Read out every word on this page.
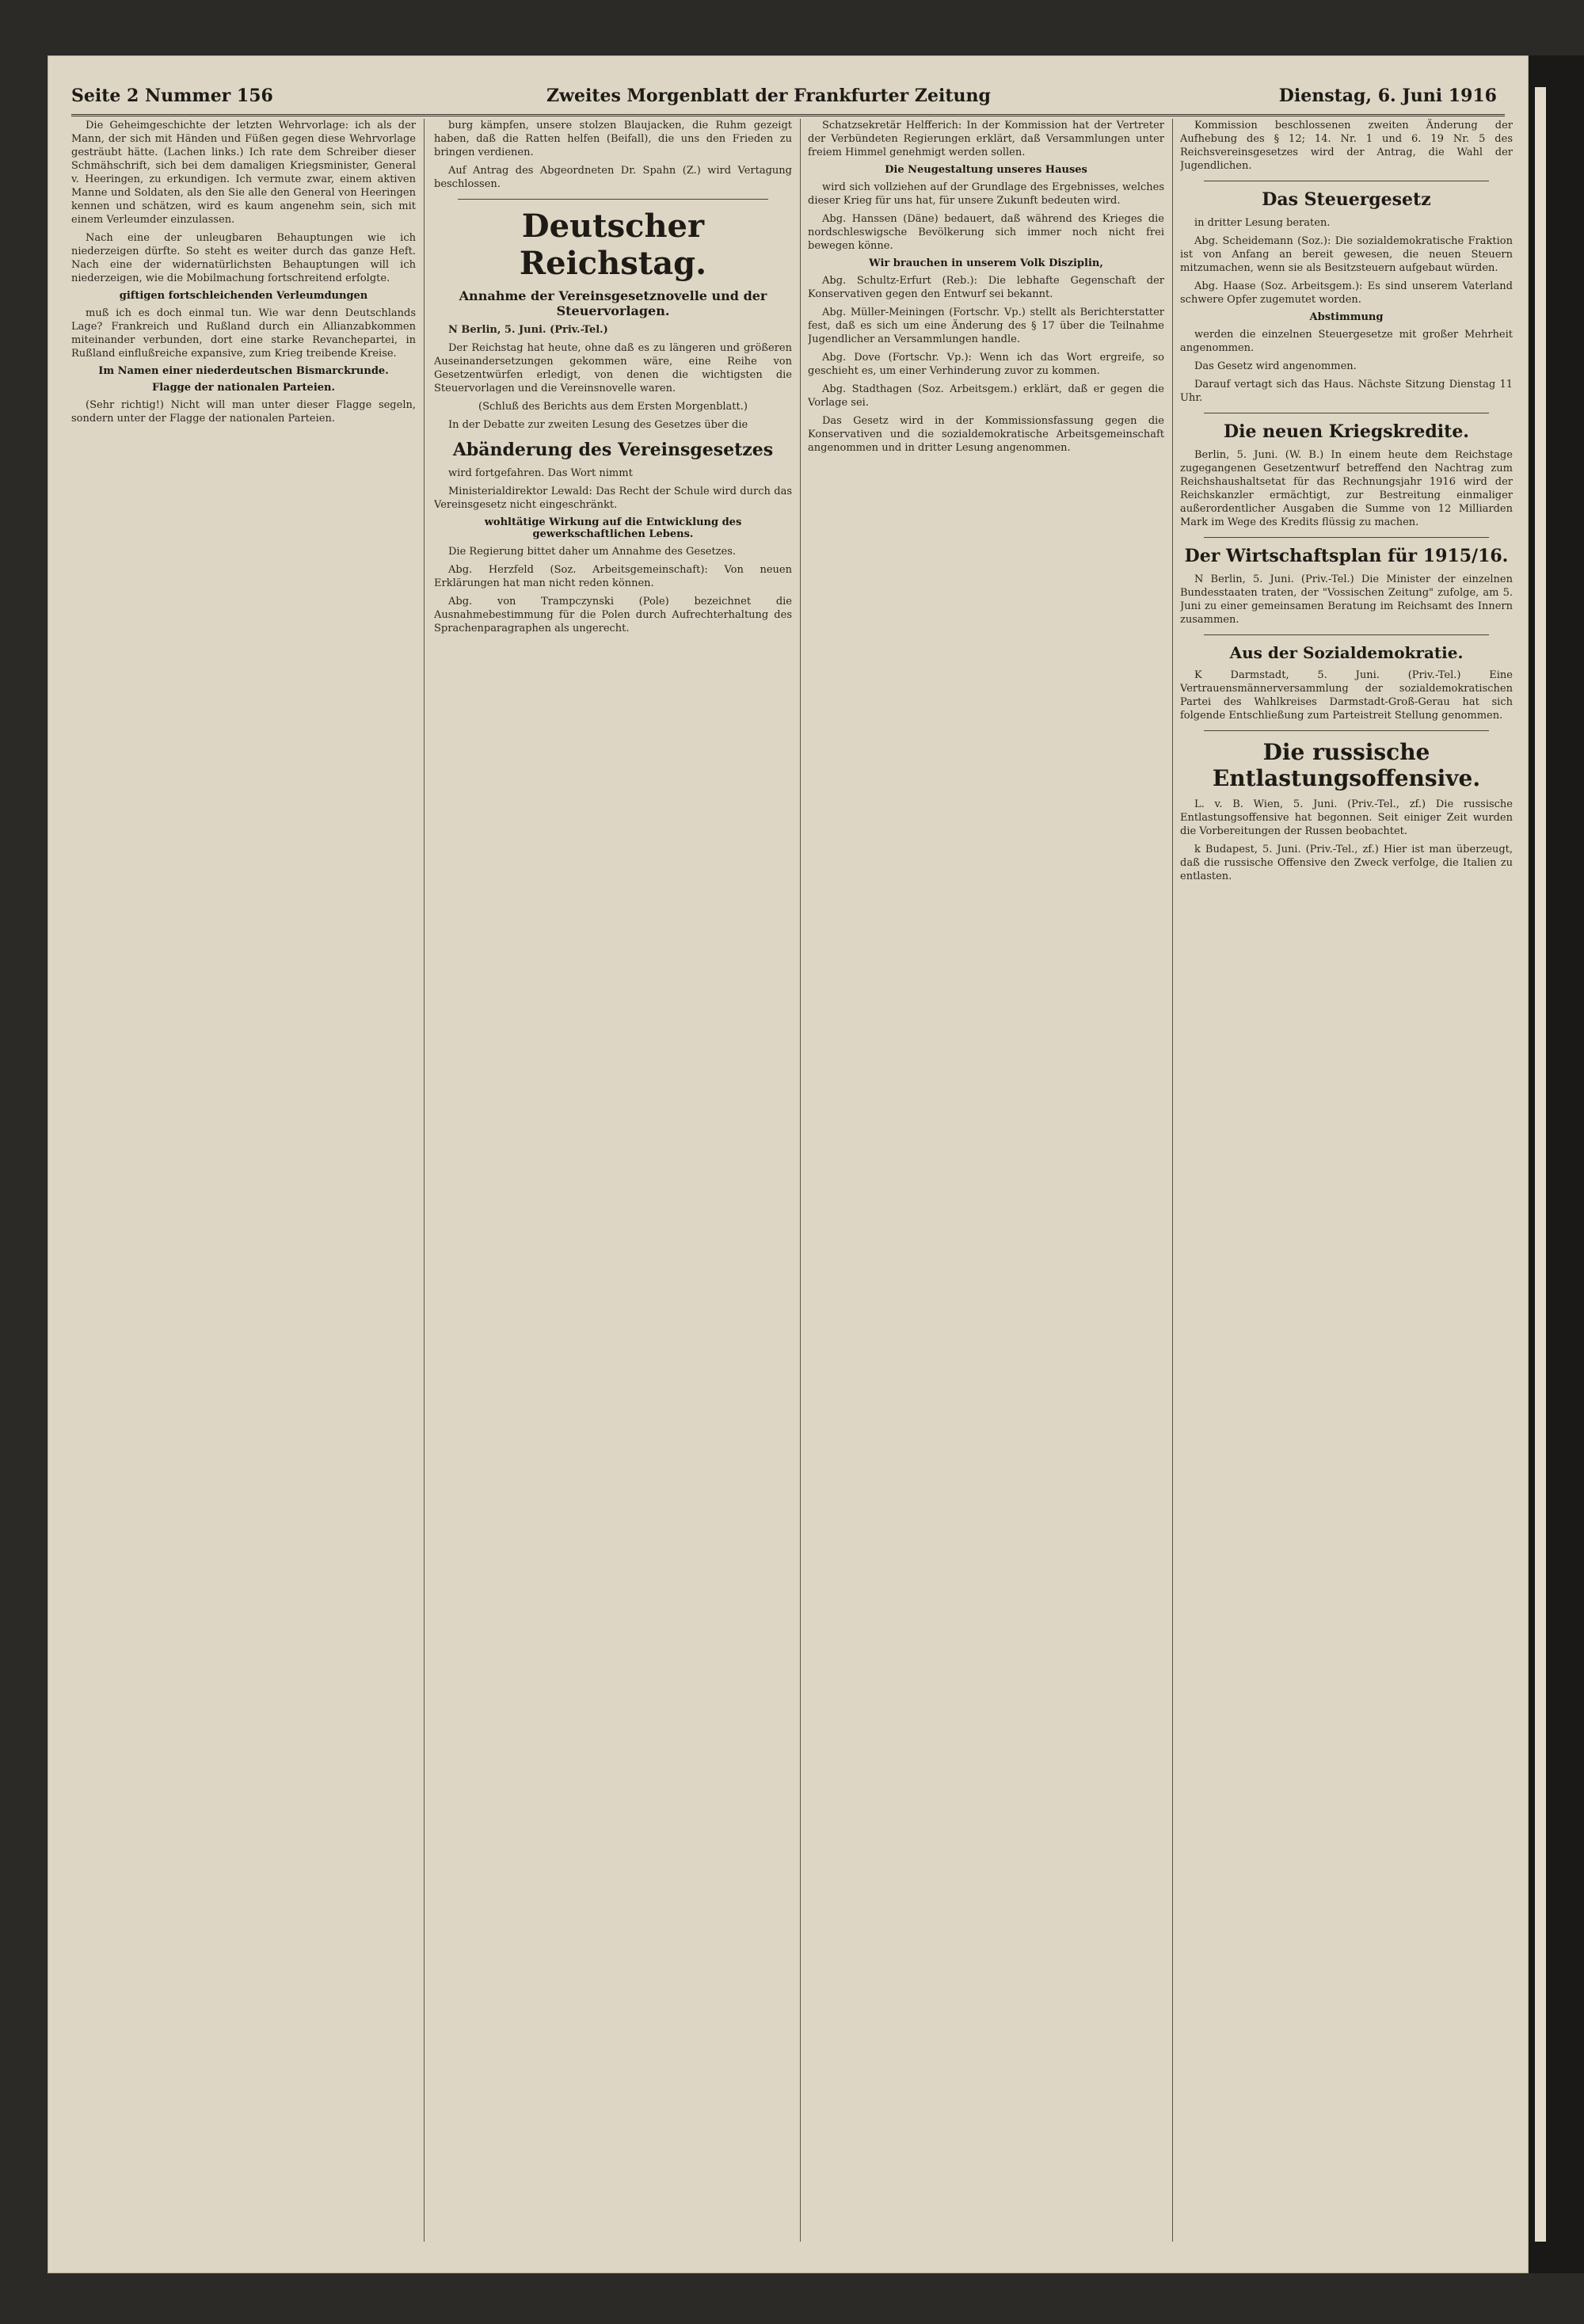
Seite 2 Nummer 156	Zweites Morgenblatt der Frankfurter Zeitung	Dienstag, 6. Juni 1916

Die Geheimgeschichte der letzten Wehrvorlage: ich als der Mann, der sich mit Händen und Füßen gegen diese Wehrvorlage gesträubt hätte. (Lachen links.) Ich rate dem Schreiber dieser Schmähschrift, sich bei dem damaligen Kriegsminister, General v. Heeringen, zu erkundigen. Ich vermute zwar, einem aktiven Manne und Soldaten, als den Sie alle den General von Heeringen kennen und schätzen, wird es kaum angenehm sein, sich mit einem Verleumder einzulassen.

Nach eine der unleugbaren Behauptungen wie ich niederzeigen dürfte. So steht es weiter durch das ganze Heft. Nach eine der widernatürlichsten Behauptungen will ich niederzeigen, wie die Mobilmachung fortschreitend erfolgte.

giftigen fortschleichenden Verleumdungen

muß ich es doch einmal tun. Wie war denn Deutschlands Lage? Frankreich und Rußland durch ein Allianzabkommen miteinander verbunden, dort eine starke Revanchepartei, in Rußland einflußreiche expansive, zum Krieg treibende Kreise.

Im Namen einer niederdeutschen Bismarckrunde.
Flagge der nationalen Parteien.

(Sehr richtig!) Nicht will man unter dieser Flagge segeln, sondern unter der Flagge der nationalen Parteien.

burg kämpfen, unsere stolzen Blaujacken, die Ruhm gezeigt haben, daß die Ratten helfen (Beifall), die uns den Frieden zu bringen verdienen.

Auf Antrag des Abgeordneten Dr. Spahn (Z.) wird Vertagung beschlossen.

Deutscher Reichstag.
Annahme der Vereinsgesetznovelle und der Steuervorlagen.

N Berlin, 5. Juni. (Priv.-Tel.)

Der Reichstag hat heute, ohne daß es zu längeren und größeren Auseinandersetzungen gekommen wäre, eine Reihe von Gesetzentwürfen erledigt, von denen die wichtigsten die Steuervorlagen und die Vereinsnovelle waren.

(Schluß des Berichts aus dem Ersten Morgenblatt.)

In der Debatte zur zweiten Lesung des Gesetzes über die

Abänderung des Vereinsgesetzes

wird fortgefahren. Das Wort nimmt

Ministerialdirektor Lewald: Das Recht der Schule wird durch das Vereinsgesetz nicht eingeschränkt.

wohltätige Wirkung auf die Entwicklung des gewerkschaftlichen Lebens.

Die Regierung bittet daher um Annahme des Gesetzes.

Abg. Herzfeld (Soz. Arbeitsgemeinschaft): Von neuen Erklärungen hat man nicht reden können.

Abg. von Trampczynski (Pole) bezeichnet die Ausnahmebestimmung für die Polen durch Aufrechterhaltung des Sprachenparagraphen als ungerecht.

Schatzsekretär Helfferich: In der Kommission hat der Vertreter der Verbündeten Regierungen erklärt, daß Versammlungen unter freiem Himmel genehmigt werden sollen.

Die Neugestaltung unseres Hauses

wird sich vollziehen auf der Grundlage des Ergebnisses, welches dieser Krieg für uns hat, für unsere Zukunft bedeuten wird.

Abg. Hanssen (Däne) bedauert, daß während des Krieges die nordschleswigsche Bevölkerung sich immer noch nicht frei bewegen könne.

Wir brauchen in unserem Volk Disziplin,

Abg. Schultz-Erfurt (Reb.): Die lebhafte Gegenschaft der Konservativen gegen den Entwurf sei bekannt.

Abg. Müller-Meiningen (Fortschr. Vp.) stellt als Berichterstatter fest, daß es sich um eine Änderung des § 17 über die Teilnahme Jugendlicher an Versammlungen handle.

Abg. Dove (Fortschr. Vp.): Wenn ich das Wort ergreife, so geschieht es, um einer Verhinderung zuvor zu kommen.

Abg. Stadthagen (Soz. Arbeitsgem.) erklärt, daß er gegen die Vorlage sei.

Das Gesetz wird in der Kommissionsfassung gegen die Konservativen und die sozialdemokratische Arbeitsgemeinschaft angenommen und in dritter Lesung angenommen.

Kommission beschlossenen zweiten Änderung der Aufhebung des § 12; 14. Nr. 1 und 6. 19 Nr. 5 des Reichsvereinsgesetzes wird der Antrag, die Wahl der Jugendlichen.

Das Steuergesetz

in dritter Lesung beraten.

Abg. Scheidemann (Soz.): Die sozialdemokratische Fraktion ist von Anfang an bereit gewesen, die neuen Steuern mitzumachen, wenn sie als Besitzsteuern aufgebaut würden.

Abg. Haase (Soz. Arbeitsgem.): Es sind unserem Vaterland schwere Opfer zugemutet worden.

Abstimmung

werden die einzelnen Steuergesetze mit großer Mehrheit angenommen.

Das Gesetz wird angenommen.

Darauf vertagt sich das Haus. Nächste Sitzung Dienstag 11 Uhr.

Die neuen Kriegskredite.

Berlin, 5. Juni. (W. B.) In einem heute dem Reichstage zugegangenen Gesetzentwurf betreffend den Nachtrag zum Reichshaushaltsetat für das Rechnungsjahr 1916 wird der Reichskanzler ermächtigt, zur Bestreitung einmaliger außerordentlicher Ausgaben die Summe von 12 Milliarden Mark im Wege des Kredits flüssig zu machen.

Der Wirtschaftsplan für 1915/16.

N Berlin, 5. Juni. (Priv.-Tel.) Die Minister der einzelnen Bundesstaaten traten, der "Vossischen Zeitung" zufolge, am 5. Juni zu einer gemeinsamen Beratung im Reichsamt des Innern zusammen.

Aus der Sozialdemokratie.

K Darmstadt, 5. Juni. (Priv.-Tel.) Eine Vertrauensmännerversammlung der sozialdemokratischen Partei des Wahlkreises Darmstadt-Groß-Gerau hat sich folgende Entschließung zum Parteistreit Stellung genommen.

Die russische Entlastungsoffensive.

L. v. B. Wien, 5. Juni. (Priv.-Tel., zf.) Die russische Entlastungsoffensive hat begonnen. Seit einiger Zeit wurden die Vorbereitungen der Russen beobachtet.

k Budapest, 5. Juni. (Priv.-Tel., zf.) Hier ist man überzeugt, daß die russische Offensive den Zweck verfolge, die Italien zu entlasten.
